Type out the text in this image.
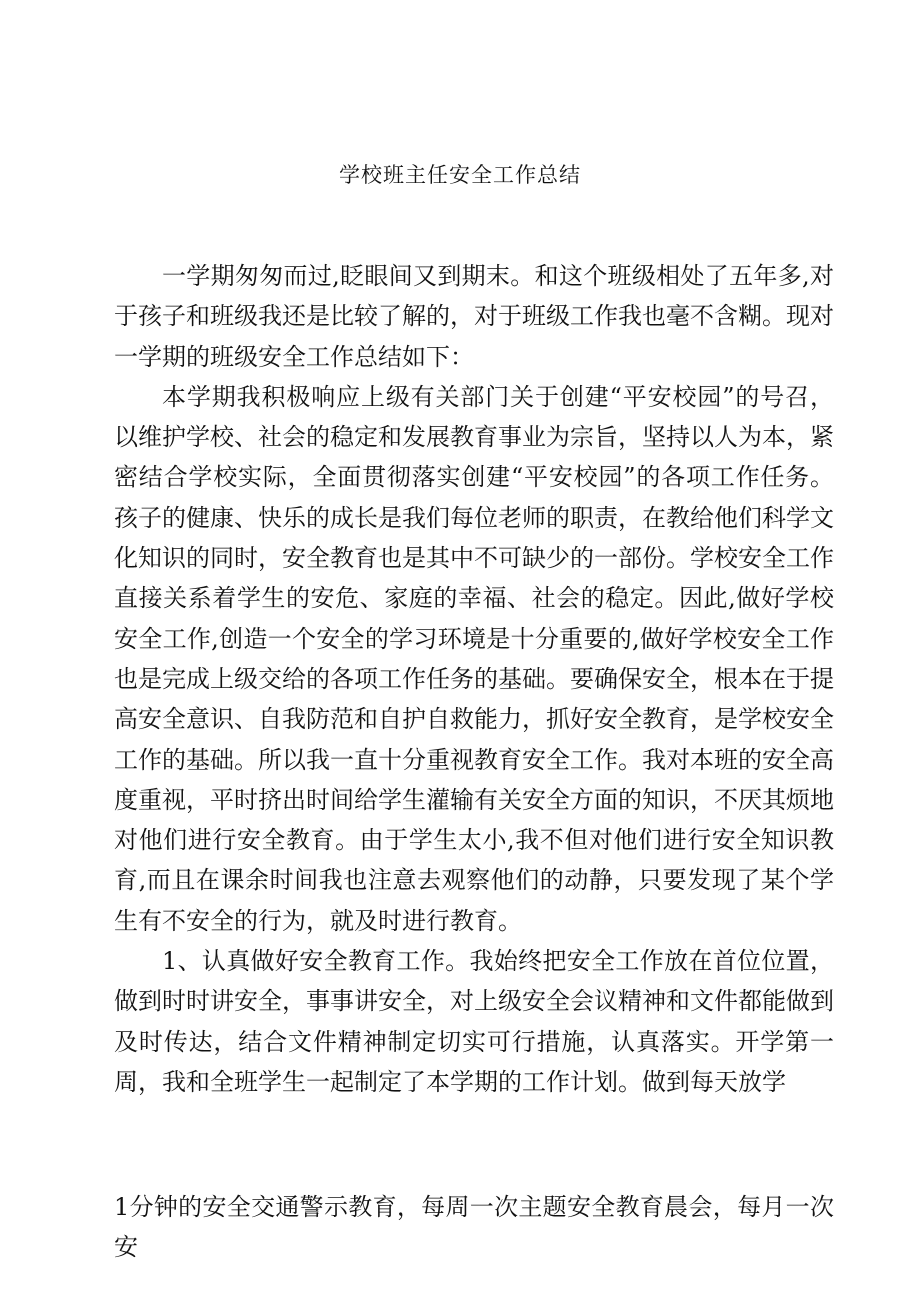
学校班主任安全工作总结

一学期匆匆而过,眨眼间又到期末。和这个班级相处了五年多,对于孩子和班级我还是比较了解的，对于班级工作我也毫不含糊。现对一学期的班级安全工作总结如下：

本学期我积极响应上级有关部门关于创建“平安校园”的号召，以维护学校、社会的稳定和发展教育事业为宗旨，坚持以人为本，紧密结合学校实际，全面贯彻落实创建“平安校园”的各项工作任务。孩子的健康、快乐的成长是我们每位老师的职责，在教给他们科学文化知识的同时，安全教育也是其中不可缺少的一部份。学校安全工作直接关系着学生的安危、家庭的幸福、社会的稳定。因此,做好学校安全工作,创造一个安全的学习环境是十分重要的,做好学校安全工作也是完成上级交给的各项工作任务的基础。要确保安全，根本在于提高安全意识、自我防范和自护自救能力，抓好安全教育，是学校安全工作的基础。所以我一直十分重视教育安全工作。我对本班的安全高度重视，平时挤出时间给学生灌输有关安全方面的知识，不厌其烦地对他们进行安全教育。由于学生太小,我不但对他们进行安全知识教育,而且在课余时间我也注意去观察他们的动静，只要发现了某个学生有不安全的行为，就及时进行教育。

1、认真做好安全教育工作。我始终把安全工作放在首位位置，做到时时讲安全，事事讲安全，对上级安全会议精神和文件都能做到及时传达，结合文件精神制定切实可行措施，认真落实。开学第一周，我和全班学生一起制定了本学期的工作计划。做到每天放学

1分钟的安全交通警示教育，每周一次主题安全教育晨会，每月一次安
